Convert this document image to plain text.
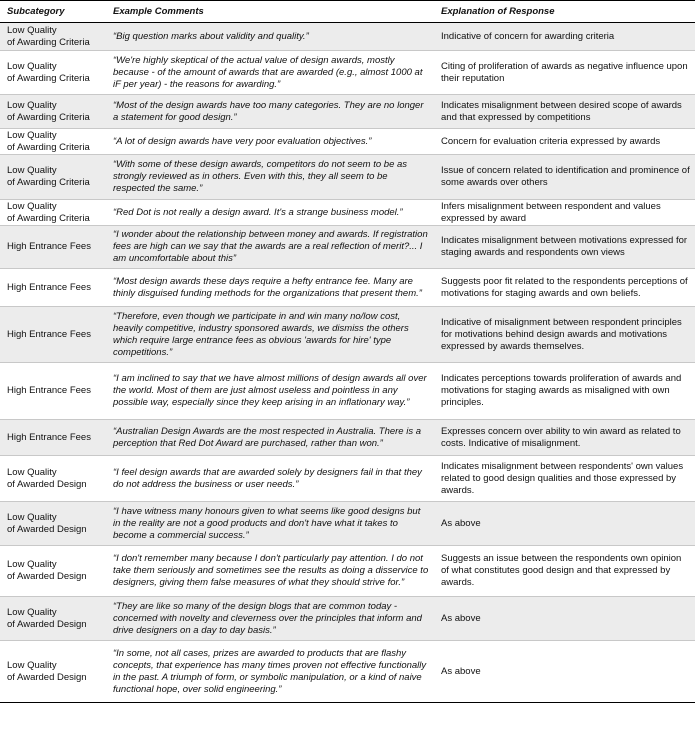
Subcategory	Example Comments	Explanation of Response
Low Quality
of Awarding Criteria	“Big question marks about validity and quality.”	Indicative of concern for awarding criteria
Low Quality
of Awarding Criteria	“We're highly skeptical of the actual value of design awards, mostly because - of the amount of awards that are awarded (e.g., almost 1000 at iF per year) - the reasons for awarding.”	Citing of proliferation of awards as negative influence upon their reputation
Low Quality
of Awarding Criteria	“Most of the design awards have too many categories. They are no longer a statement for good design.”	Indicates misalignment between desired scope of awards and that expressed by competitions
Low Quality
of Awarding Criteria	“A lot of design awards have very poor evaluation objectives.”	Concern for evaluation criteria expressed by awards
Low Quality
of Awarding Criteria	“With some of these design awards, competitors do not seem to be as strongly reviewed as in others. Even with this, they all seem to be respected the same.”	Issue of concern related to identification and prominence of some awards over others
Low Quality
of Awarding Criteria	“Red Dot is not really a design award. It's a strange business model.”	Infers misalignment between respondent and values expressed by award
High Entrance Fees	“I wonder about the relationship between money and awards. If registration fees are high can we say that the awards are a real reflection of merit?... I am uncomfortable about this”	Indicates misalignment between motivations expressed for staging awards and respondents own views
High Entrance Fees	“Most design awards these days require a hefty entrance fee. Many are thinly disguised funding methods for the organizations that present them.”	Suggests poor fit related to the respondents perceptions of motivations for staging awards and own beliefs.
High Entrance Fees	“Therefore, even though we participate in and win many no/low cost, heavily competitive, industry sponsored awards, we dismiss the others which require large entrance fees as obvious 'awards for hire' type competitions.”	Indicative of misalignment between respondent principles for motivations behind design awards and motivations expressed by awards themselves.
High Entrance Fees	“I am inclined to say that we have almost millions of design awards all over the world. Most of them are just almost useless and pointless in any possible way, especially since they keep arising in an inflationary way.”	Indicates perceptions towards proliferation of awards and motivations for staging awards as misaligned with own principles.
High Entrance Fees	“Australian Design Awards are the most respected in Australia. There is a perception that Red Dot Award are purchased, rather than won.”	Expresses concern over ability to win award as related to costs. Indicative of misalignment.
Low Quality
of Awarded Design	“I feel design awards that are awarded solely by designers fail in that they do not address the business or user needs.”	Indicates misalignment between respondents' own values related to good design qualities and those expressed by awards.
Low Quality
of Awarded Design	“I have witness many honours given to what seems like good designs but in the reality are not a good products and don't have what it takes to become a commercial success.”	As above
Low Quality
of Awarded Design	“I don't remember many because I don't particularly pay attention. I do not take them seriously and sometimes see the results as doing a disservice to designers, giving them false measures of what they should strive for.”	Suggests an issue between the respondents own opinion of what constitutes good design and that expressed by awards.
Low Quality
of Awarded Design	“They are like so many of the design blogs that are common today - concerned with novelty and cleverness over the principles that inform and drive designers on a day to day basis.”	As above
Low Quality
of Awarded Design	“In some, not all cases, prizes are awarded to products that are flashy concepts, that experience has many times proven not effective functionally in the past. A triumph of form, or symbolic manipulation, or a kind of naive functional hope, over solid engineering.”	As above
